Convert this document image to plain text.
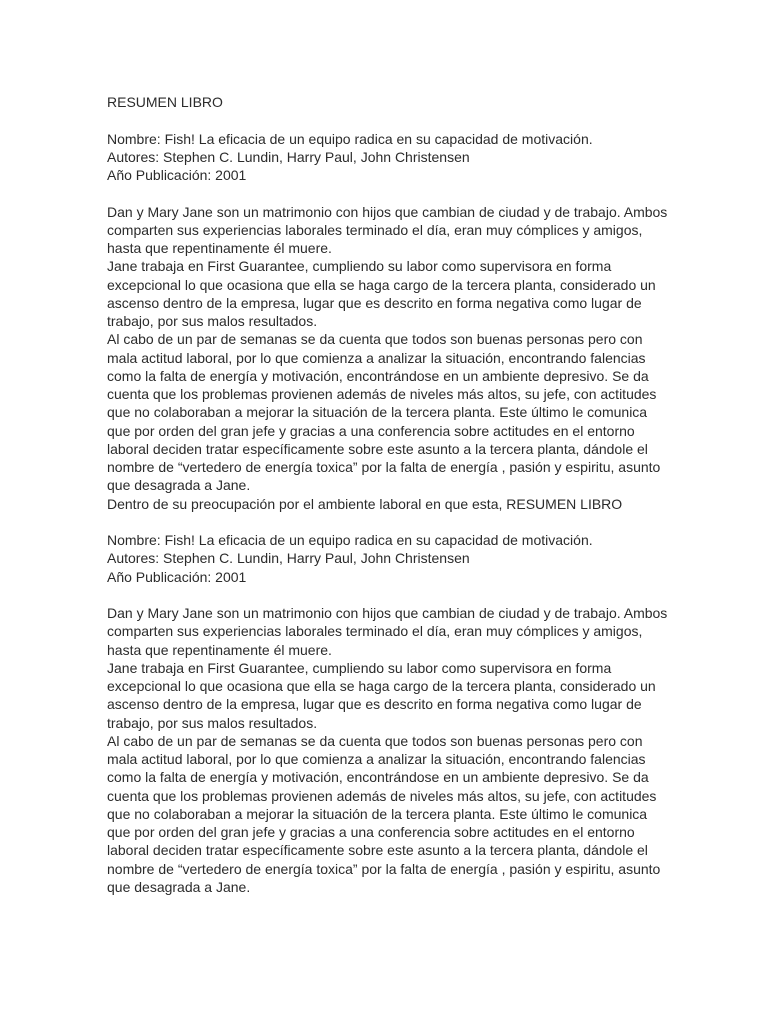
RESUMEN LIBRO
Nombre: Fish! La eficacia de un equipo radica en su capacidad de motivación.
Autores: Stephen C. Lundin, Harry Paul, John Christensen
Año Publicación: 2001
Dan y Mary Jane son un matrimonio con hijos que cambian de ciudad y de trabajo. Ambos
comparten sus experiencias laborales terminado el día, eran muy cómplices y amigos,
hasta que repentinamente él muere.
Jane trabaja en First Guarantee, cumpliendo su labor como supervisora en forma
excepcional lo que ocasiona que ella se haga cargo de la tercera planta, considerado un
ascenso dentro de la empresa, lugar que es descrito en forma negativa como lugar de
trabajo, por sus malos resultados.
Al cabo de un par de semanas se da cuenta que todos son buenas personas pero con
mala actitud laboral, por lo que comienza a analizar la situación, encontrando falencias
como la falta de energía y motivación, encontrándose en un ambiente depresivo. Se da
cuenta que los problemas provienen además de niveles más altos, su jefe, con actitudes
que no colaboraban a mejorar la situación de la tercera planta. Este último le comunica
que por orden del gran jefe y gracias a una conferencia sobre actitudes en el entorno
laboral deciden tratar específicamente sobre este asunto a la tercera planta, dándole el
nombre de “vertedero de energía toxica” por la falta de energía , pasión y espiritu, asunto
que desagrada a Jane.
Dentro de su preocupación por el ambiente laboral en que esta, RESUMEN LIBRO
Nombre: Fish! La eficacia de un equipo radica en su capacidad de motivación.
Autores: Stephen C. Lundin, Harry Paul, John Christensen
Año Publicación: 2001
Dan y Mary Jane son un matrimonio con hijos que cambian de ciudad y de trabajo. Ambos
comparten sus experiencias laborales terminado el día, eran muy cómplices y amigos,
hasta que repentinamente él muere.
Jane trabaja en First Guarantee, cumpliendo su labor como supervisora en forma
excepcional lo que ocasiona que ella se haga cargo de la tercera planta, considerado un
ascenso dentro de la empresa, lugar que es descrito en forma negativa como lugar de
trabajo, por sus malos resultados.
Al cabo de un par de semanas se da cuenta que todos son buenas personas pero con
mala actitud laboral, por lo que comienza a analizar la situación, encontrando falencias
como la falta de energía y motivación, encontrándose en un ambiente depresivo. Se da
cuenta que los problemas provienen además de niveles más altos, su jefe, con actitudes
que no colaboraban a mejorar la situación de la tercera planta. Este último le comunica
que por orden del gran jefe y gracias a una conferencia sobre actitudes en el entorno
laboral deciden tratar específicamente sobre este asunto a la tercera planta, dándole el
nombre de “vertedero de energía toxica” por la falta de energía , pasión y espiritu, asunto
que desagrada a Jane.
